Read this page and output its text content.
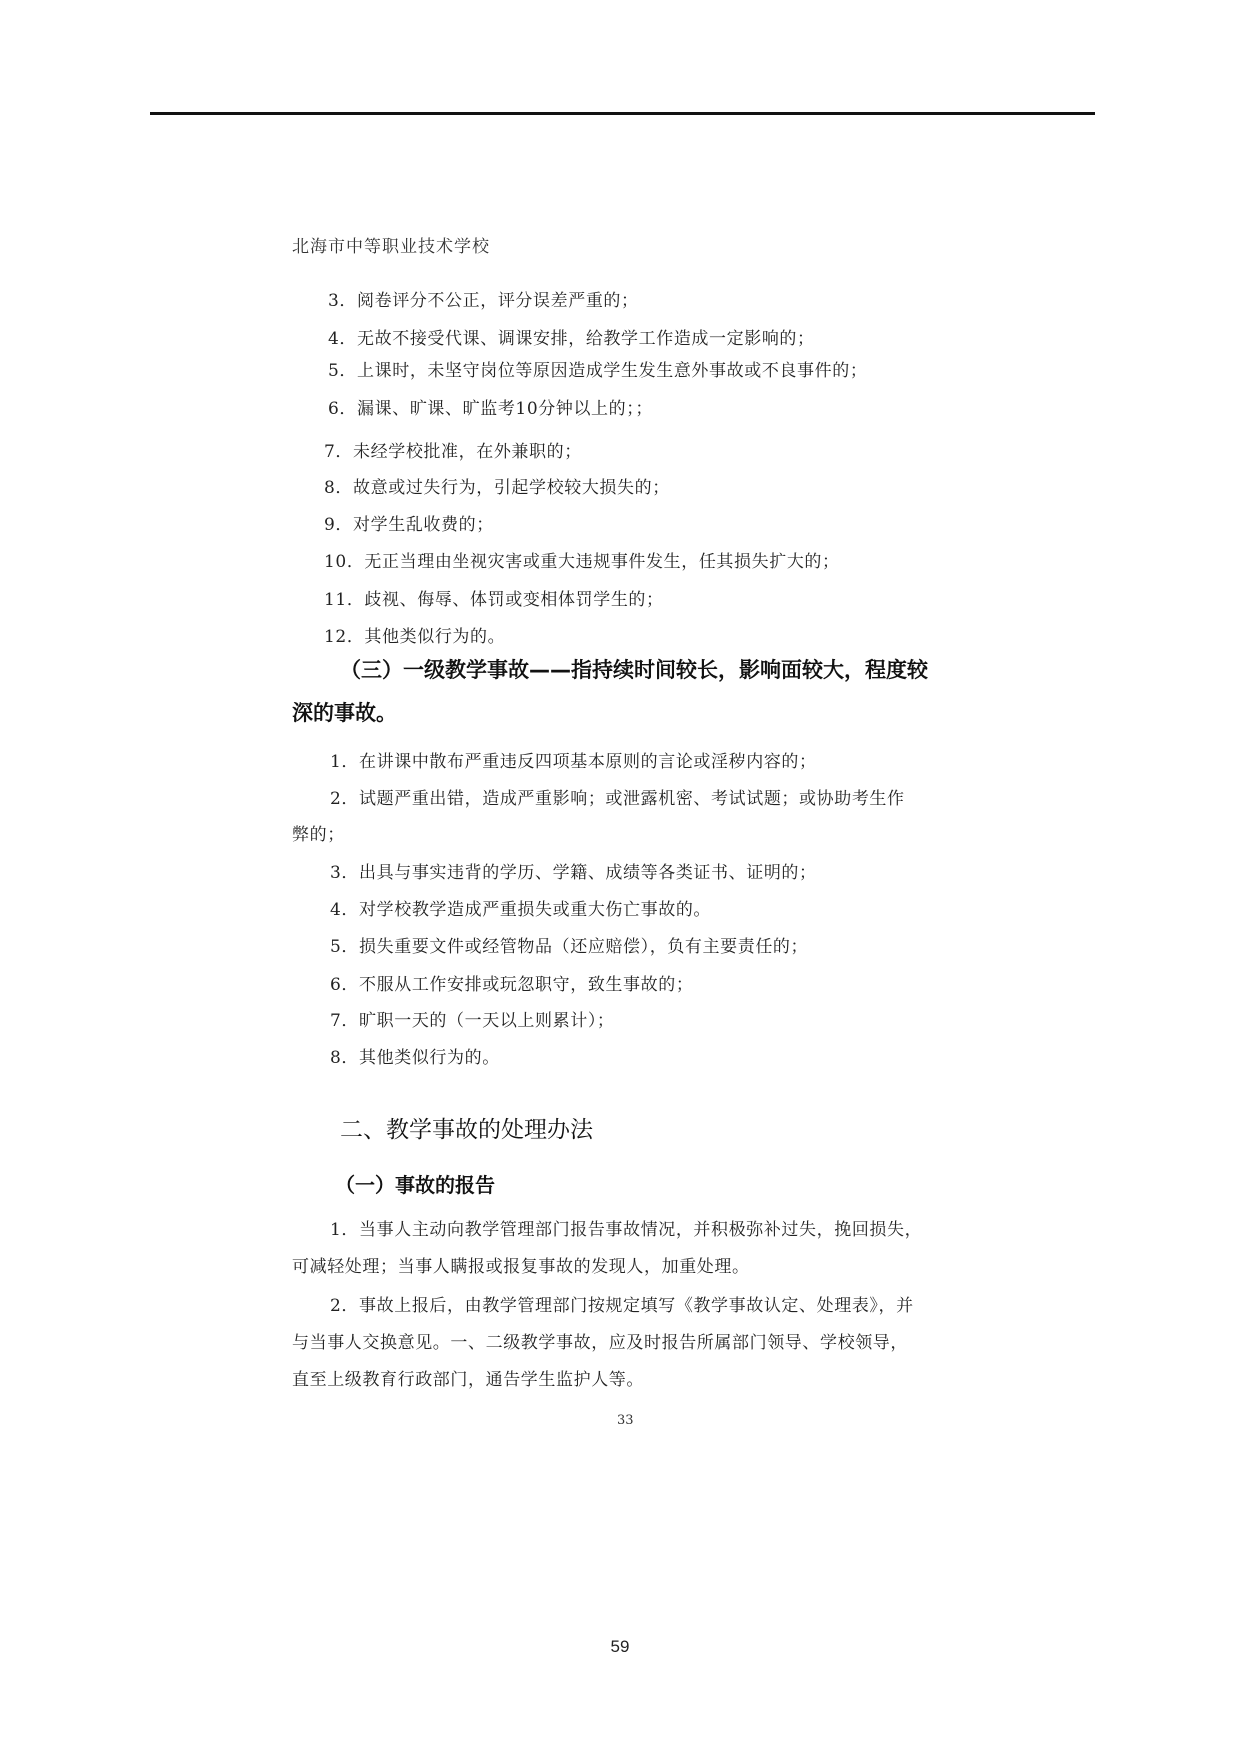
北海市中等职业技术学校
3．阅卷评分不公正，评分误差严重的；
4．无故不接受代课、调课安排，给教学工作造成一定影响的；
5．上课时，未坚守岗位等原因造成学生发生意外事故或不良事件的；
6．漏课、旷课、旷监考10分钟以上的；；
7．未经学校批准，在外兼职的；
8．故意或过失行为，引起学校较大损失的；
9．对学生乱收费的；
10．无正当理由坐视灾害或重大违规事件发生，任其损失扩大的；
11．歧视、侮辱、体罚或变相体罚学生的；
12．其他类似行为的。
（三）一级教学事故——指持续时间较长，影响面较大，程度较
深的事故。
1．在讲课中散布严重违反四项基本原则的言论或淫秽内容的；
2．试题严重出错，造成严重影响；或泄露机密、考试试题；或协助考生作
弊的；
3．出具与事实违背的学历、学籍、成绩等各类证书、证明的；
4．对学校教学造成严重损失或重大伤亡事故的。
5．损失重要文件或经管物品（还应赔偿），负有主要责任的；
6．不服从工作安排或玩忽职守，致生事故的；
7．旷职一天的（一天以上则累计）；
8．其他类似行为的。
二、教学事故的处理办法
（一）事故的报告
1．当事人主动向教学管理部门报告事故情况，并积极弥补过失，挽回损失，
可减轻处理；当事人瞒报或报复事故的发现人，加重处理。
2．事故上报后，由教学管理部门按规定填写《教学事故认定、处理表》，并
与当事人交换意见。一、二级教学事故，应及时报告所属部门领导、学校领导，
直至上级教育行政部门，通告学生监护人等。
33
59
